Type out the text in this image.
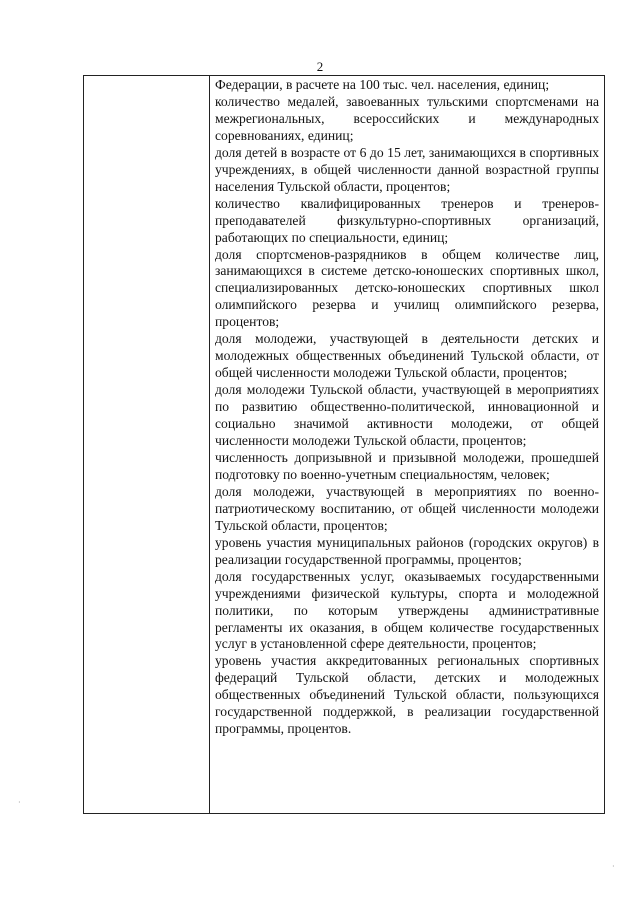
2

Федерации, в расчете на 100 тыс. чел. населения, единиц;

количество медалей, завоеванных тульскими спортсменами на межрегиональных, всероссийских и международных соревнованиях, единиц;

доля детей в возрасте от 6 до 15 лет, занимающихся в спортивных учреждениях, в общей численности данной возрастной группы населения Тульской области, процентов;

количество квалифицированных тренеров и тренеров-преподавателей физкультурно-спортивных организаций, работающих по специальности, единиц;

доля спортсменов-разрядников в общем количестве лиц, занимающихся в системе детско-юношеских спортивных школ, специализированных детско-юношеских спортивных школ олимпийского резерва и училищ олимпийского резерва, процентов;

доля молодежи, участвующей в деятельности детских и молодежных общественных объединений Тульской области, от общей численности молодежи Тульской области, процентов;

доля молодежи Тульской области, участвующей в мероприятиях по развитию общественно-политической, инновационной и социально значимой активности молодежи, от общей численности молодежи Тульской области, процентов;

численность допризывной и призывной молодежи, прошедшей подготовку по военно-учетным специальностям, человек;

доля молодежи, участвующей в мероприятиях по военно-патриотическому воспитанию, от общей численности молодежи Тульской области, процентов;

уровень участия муниципальных районов (городских округов) в реализации государственной программы, процентов;

доля государственных услуг, оказываемых государственными учреждениями физической культуры, спорта и молодежной политики, по которым утверждены административные регламенты их оказания, в общем количестве государственных услуг в установленной сфере деятельности, процентов;

уровень участия аккредитованных региональных спортивных федераций Тульской области, детских и молодежных общественных объединений Тульской области, пользующихся государственной поддержкой, в реализации государственной программы, процентов.

·
·
